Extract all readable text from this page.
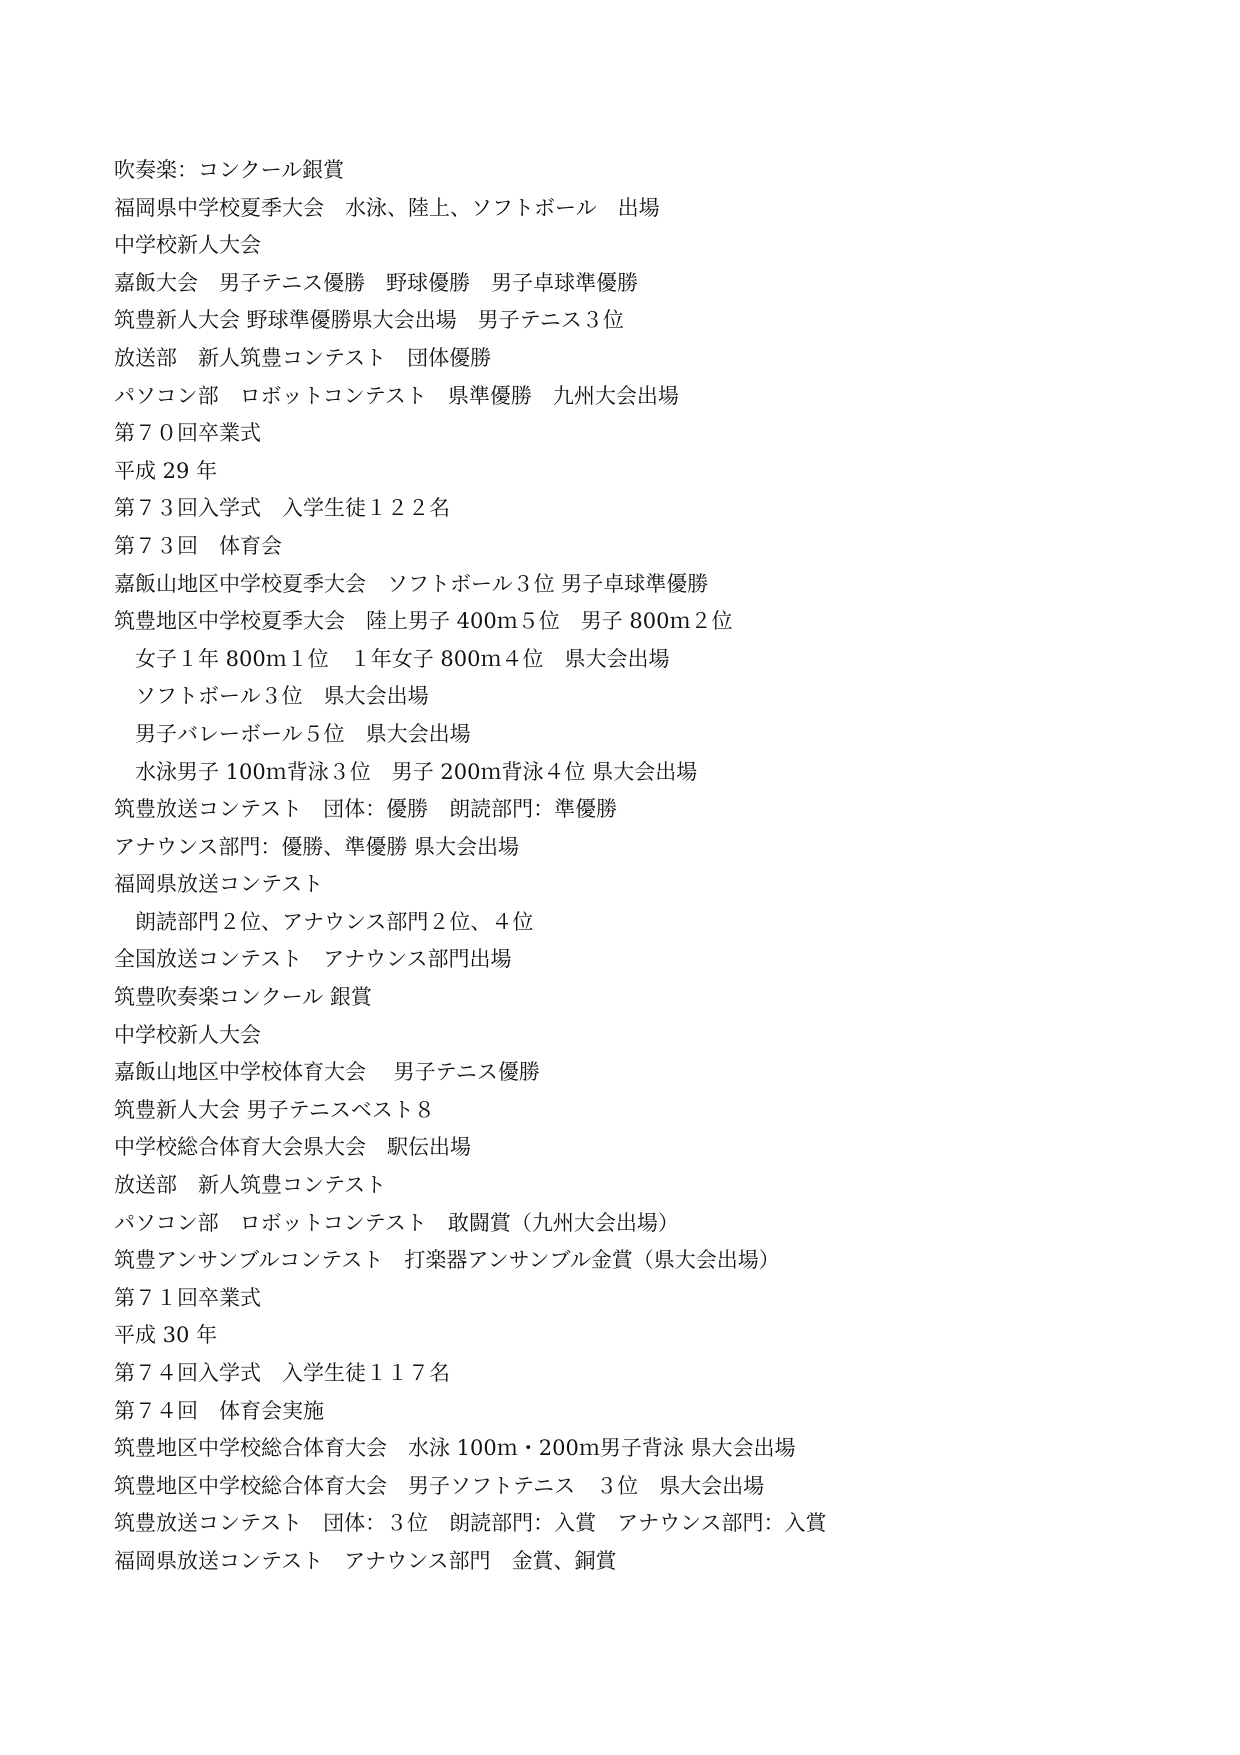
吹奏楽：コンクール銀賞
福岡県中学校夏季大会　水泳、陸上、ソフトボール　出場
中学校新人大会
嘉飯大会　男子テニス優勝　野球優勝　男子卓球準優勝
筑豊新人大会 野球準優勝県大会出場　男子テニス３位
放送部　新人筑豊コンテスト　団体優勝
パソコン部　ロボットコンテスト　県準優勝　九州大会出場
第７０回卒業式
平成 29 年
第７３回入学式　入学生徒１２２名
第７３回　体育会
嘉飯山地区中学校夏季大会　ソフトボール３位 男子卓球準優勝
筑豊地区中学校夏季大会　陸上男子 400ｍ５位　男子 800ｍ２位
　女子１年 800ｍ１位　１年女子 800ｍ４位　県大会出場
　ソフトボール３位　県大会出場
　男子バレーボール５位　県大会出場
　水泳男子 100ｍ背泳３位　男子 200ｍ背泳４位 県大会出場
筑豊放送コンテスト　団体：優勝　朗読部門：準優勝
アナウンス部門：優勝、準優勝 県大会出場
福岡県放送コンテスト
　朗読部門２位、アナウンス部門２位、４位
全国放送コンテスト　アナウンス部門出場
筑豊吹奏楽コンクール 銀賞
中学校新人大会
嘉飯山地区中学校体育大会　 男子テニス優勝
筑豊新人大会 男子テニスベスト８
中学校総合体育大会県大会　駅伝出場
放送部　新人筑豊コンテスト
パソコン部　ロボットコンテスト　敢闘賞（九州大会出場）
筑豊アンサンブルコンテスト　打楽器アンサンブル金賞（県大会出場）
第７１回卒業式
平成 30 年
第７４回入学式　入学生徒１１７名
第７４回　体育会実施
筑豊地区中学校総合体育大会　水泳 100ｍ・200ｍ男子背泳 県大会出場
筑豊地区中学校総合体育大会　男子ソフトテニス　３位　県大会出場
筑豊放送コンテスト　団体：３位　朗読部門：入賞　アナウンス部門：入賞
福岡県放送コンテスト　アナウンス部門　金賞、銅賞
